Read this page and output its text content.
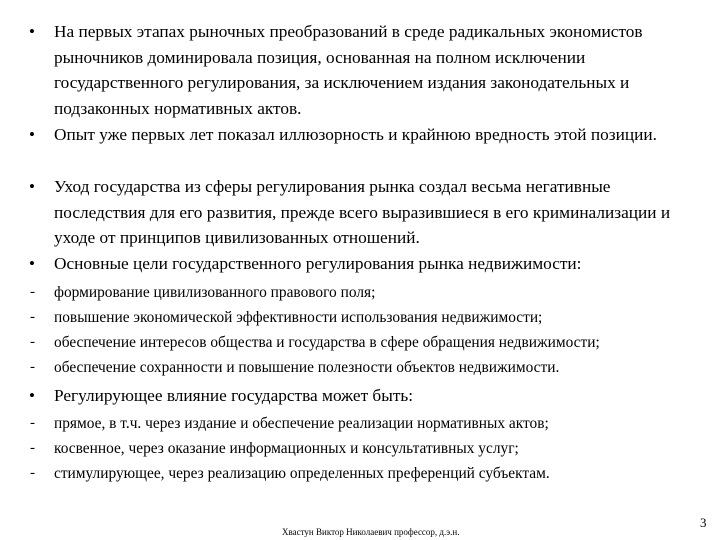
•	На первых этапах рыночных преобразований в среде радикальных экономистов рыночников доминировала позиция, основанная на полном исключении государственного регулирования, за исключением издания законодательных и подзаконных нормативных актов.
•	Опыт уже первых лет показал иллюзорность и крайнюю вредность этой позиции.
•	Уход государства из сферы регулирования рынка создал весьма негативные последствия для его развития, прежде всего выразившиеся в его криминализации и уходе от принципов цивилизованных отношений.
•	Основные цели государственного регулирования рынка недвижимости:
-	формирование цивилизованного правового поля;
-	повышение экономической эффективности использования недвижимости;
-	обеспечение интересов общества и государства в сфере обращения недвижимости;
-	обеспечение сохранности и повышение полезности объектов недвижимости.
•	Регулирующее влияние государства может быть:
-	прямое, в т.ч. через издание и обеспечение реализации нормативных актов;
-	косвенное, через оказание информационных и консультативных услуг;
-	стимулирующее, через реализацию определенных преференций субъектам.
Хвастун Виктор Николаевич профессор, д.э.н.
3
